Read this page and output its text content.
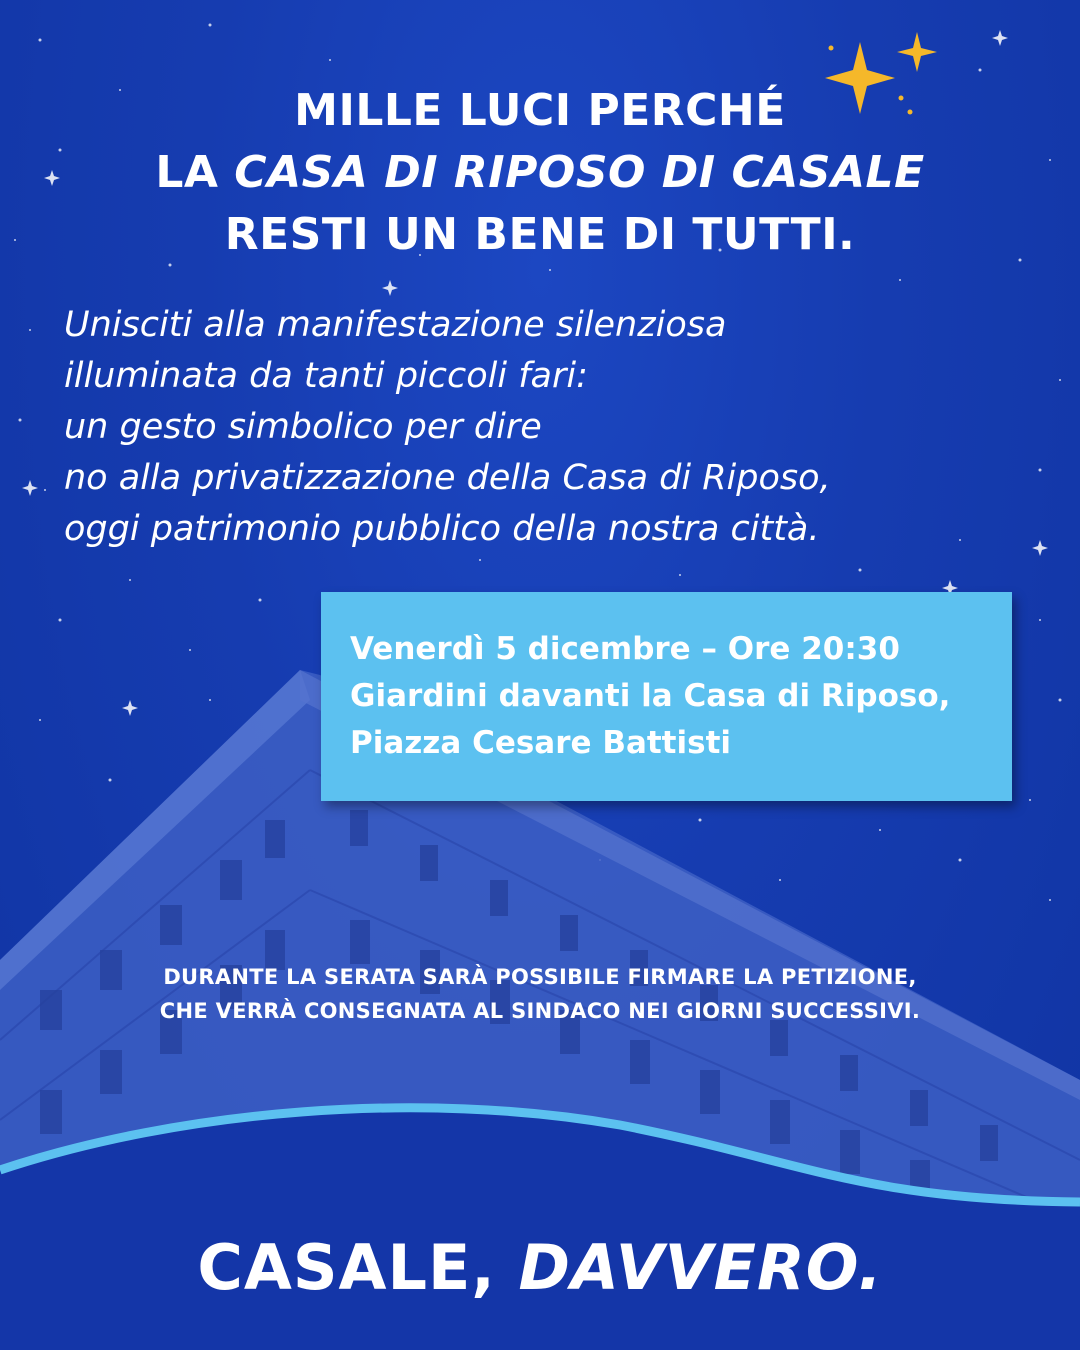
MILLE LUCI PERCHÉ
LA CASA DI RIPOSO DI CASALE
RESTI UN BENE DI TUTTI.
Unisciti alla manifestazione silenziosa
illuminata da tanti piccoli fari:
un gesto simbolico per dire
no alla privatizzazione della Casa di Riposo,
oggi patrimonio pubblico della nostra città.
Venerdì 5 dicembre – Ore 20:30
Giardini davanti la Casa di Riposo,
Piazza Cesare Battisti
DURANTE LA SERATA SARÀ POSSIBILE FIRMARE LA PETIZIONE,
CHE VERRÀ CONSEGNATA AL SINDACO NEI GIORNI SUCCESSIVI.
CASALE, DAVVERO.
